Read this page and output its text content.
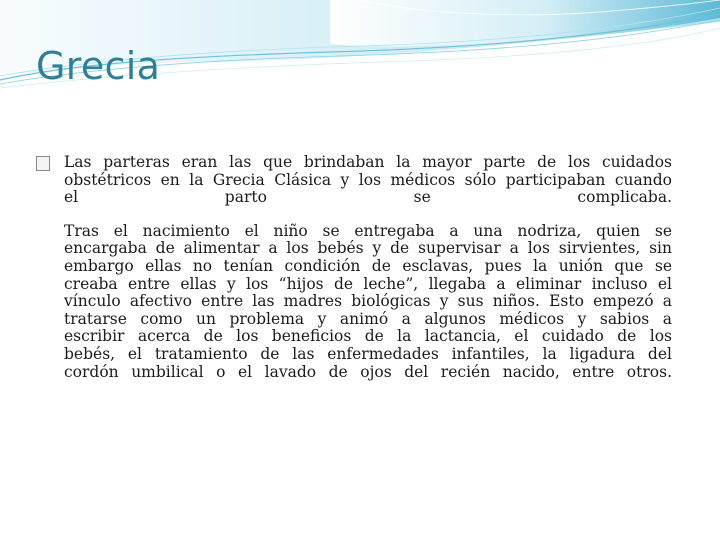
Grecia
Las parteras eran las que brindaban la mayor parte de los cuidados
obstétricos en la Grecia Clásica y los médicos sólo participaban cuando
el parto se complicaba.
Tras el nacimiento el niño se entregaba a una nodriza, quien se
encargaba de alimentar a los bebés y de supervisar a los sirvientes, sin
embargo ellas no tenían condición de esclavas, pues la unión que se
creaba entre ellas y los “hijos de leche”, llegaba a eliminar incluso el
vínculo afectivo entre las madres biológicas y sus niños. Esto empezó a
tratarse como un problema y animó a algunos médicos y sabios a
escribir acerca de los beneficios de la lactancia, el cuidado de los
bebés, el tratamiento de las enfermedades infantiles, la ligadura del
cordón umbilical o el lavado de ojos del recién nacido, entre otros.
